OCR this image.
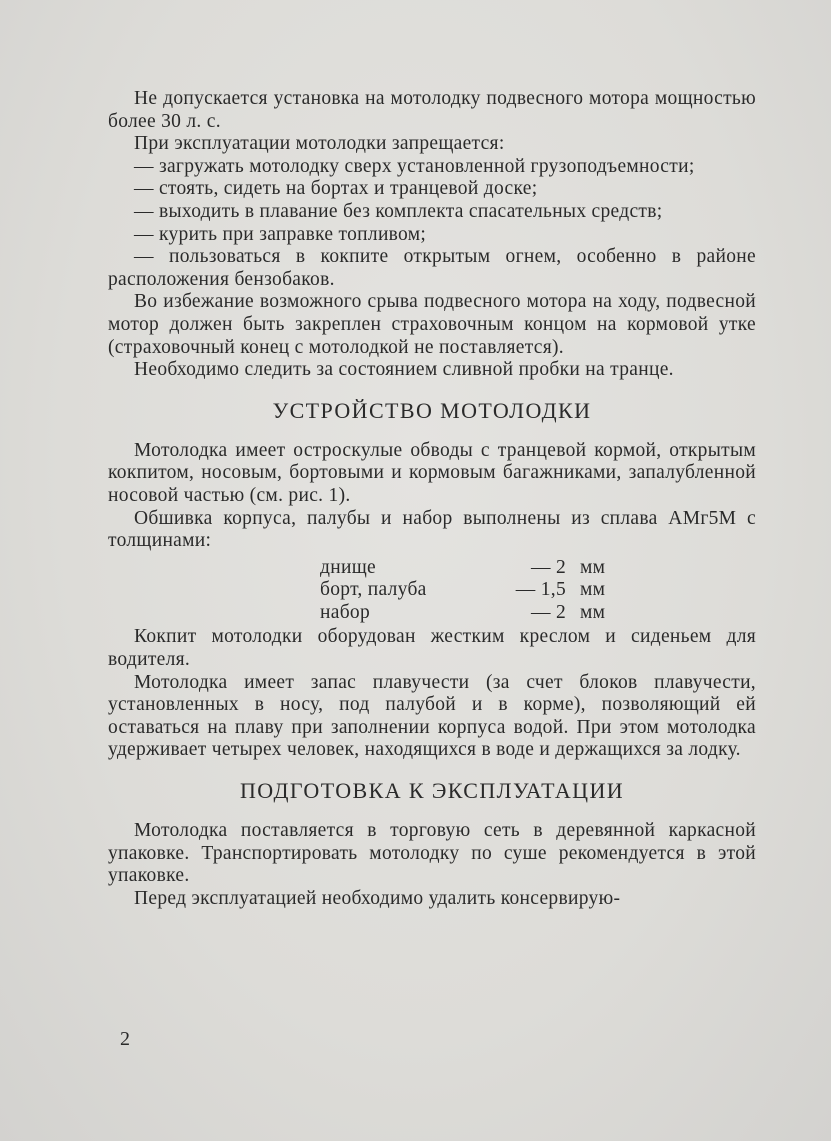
Не допускается установка на мотолодку подвесного мотора мощностью более 30 л. с.

При эксплуатации мотолодки запрещается:

— загружать мотолодку сверх установленной грузоподъемности;

— стоять, сидеть на бортах и транцевой доске;

— выходить в плавание без комплекта спасательных средств;

— курить при заправке топливом;

— пользоваться в кокпите открытым огнем, особенно в районе расположения бензобаков.

Во избежание возможного срыва подвесного мотора на ходу, подвесной мотор должен быть закреплен страховочным концом на кормовой утке (страховочный конец с мотолодкой не поставляется).

Необходимо следить за состоянием сливной пробки на транце.

УСТРОЙСТВО МОТОЛОДКИ

Мотолодка имеет остроскулые обводы с транцевой кормой, открытым кокпитом, носовым, бортовыми и кормовым багажниками, запалубленной носовой частью (см. рис. 1).

Обшивка корпуса, палубы и набор выполнены из сплава АМг5М с толщинами:

днище	— 2	мм
борт, палуба	— 1,5	мм
набор	— 2	мм

Кокпит мотолодки оборудован жестким креслом и сиденьем для водителя.

Мотолодка имеет запас плавучести (за счет блоков плавучести, установленных в носу, под палубой и в корме), позволяющий ей оставаться на плаву при заполнении корпуса водой. При этом мотолодка удерживает четырех человек, находящихся в воде и держащихся за лодку.

ПОДГОТОВКА К ЭКСПЛУАТАЦИИ

Мотолодка поставляется в торговую сеть в деревянной каркасной упаковке. Транспортировать мотолодку по суше рекомендуется в этой упаковке.

Перед эксплуатацией необходимо удалить консервирую-

2
